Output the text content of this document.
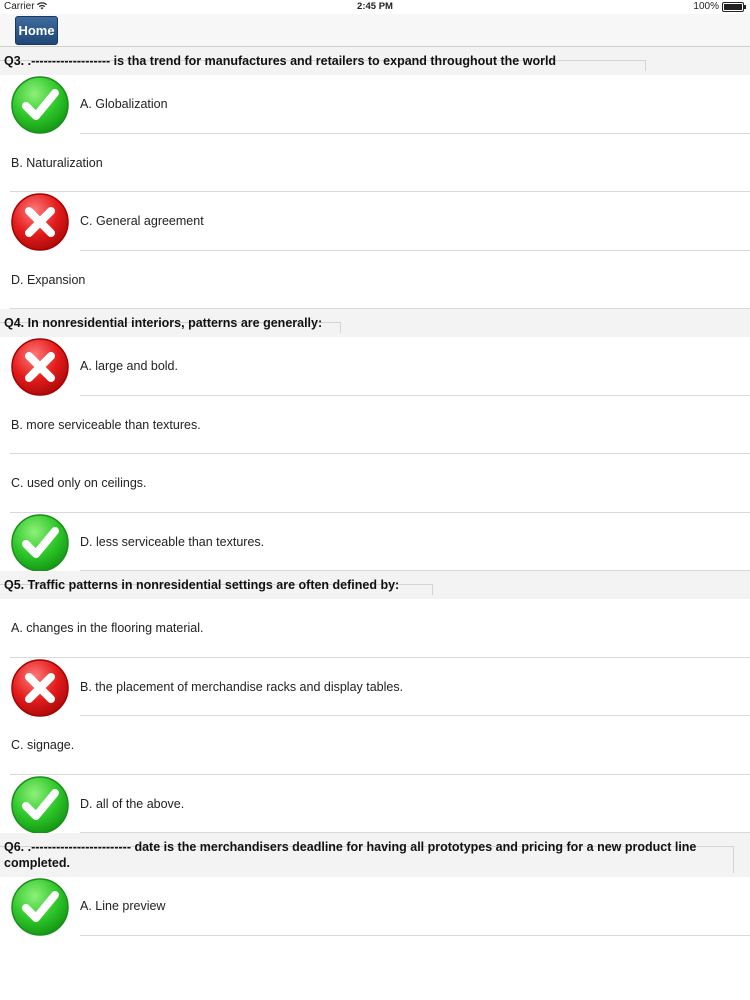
Carrier	2:45 PM	100%
Home
Q3. .------------------- is tha trend for manufactures and retailers to expand throughout the world
A. Globalization
B. Naturalization
C. General agreement
D. Expansion
Q4. In nonresidential interiors, patterns are generally:
A. large and bold.
B. more serviceable than textures.
C. used only on ceilings.
D. less serviceable than textures.
Q5. Traffic patterns in nonresidential settings are often defined by:
A. changes in the flooring material.
B. the placement of merchandise racks and display tables.
C. signage.
D. all of the above.
Q6. .------------------------ date is the merchandisers deadline for having all prototypes and pricing for a new product line completed.
A. Line preview
